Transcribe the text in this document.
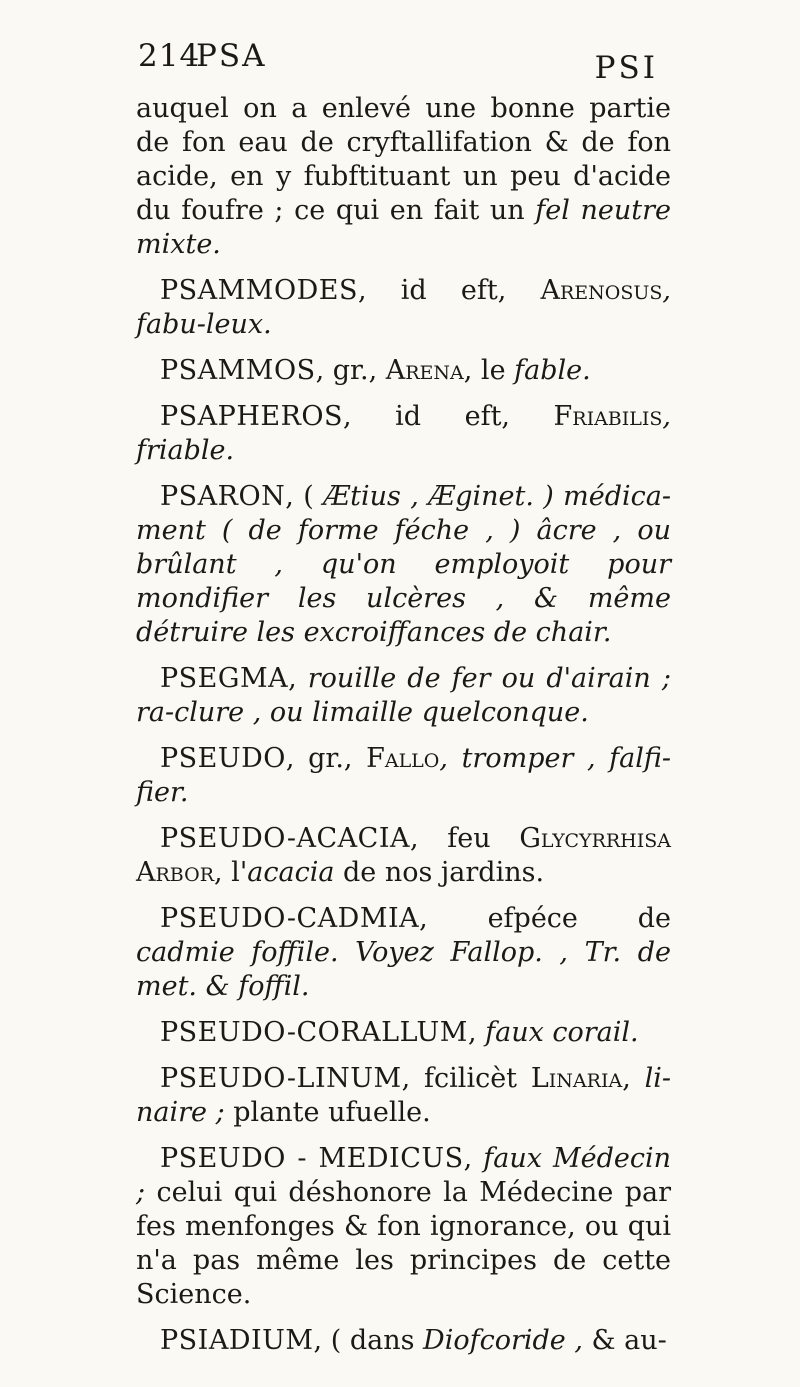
214
PSA	PSI

auquel on a enlevé une bonne partie de fon eau de cryftallifation & de fon acide, en y fubftituant un peu d'acide du foufre ; ce qui en fait un fel neutre mixte.

PSAMMODES, id eft, Arenosus, fabu-leux.

PSAMMOS, gr., Arena, le fable.

PSAPHEROS, id eft, Friabilis, friable.

PSARON, ( Ætius , Æginet. ) médica-ment ( de forme féche , ) âcre , ou brûlant , qu'on employoit pour mondifier les ulcères , & même détruire les excroiffances de chair.

PSEGMA, rouille de fer ou d'airain ; ra-clure , ou limaille quelconque.

PSEUDO, gr., Fallo, tromper , falfi-fier.

PSEUDO-ACACIA, feu Glycyrrhisa Arbor, l'acacia de nos jardins.

PSEUDO-CADMIA, efpéce de cadmie foffile. Voyez Fallop. , Tr. de met. & foffil.

PSEUDO-CORALLUM, faux corail.

PSEUDO-LINUM, fcilicèt Linaria, li-naire ; plante ufuelle.

PSEUDO - MEDICUS, faux Médecin ; celui qui déshonore la Médecine par fes menfonges & fon ignorance, ou qui n'a pas même les principes de cette Science.

PSIADIUM, ( dans Diofcoride , & au-
